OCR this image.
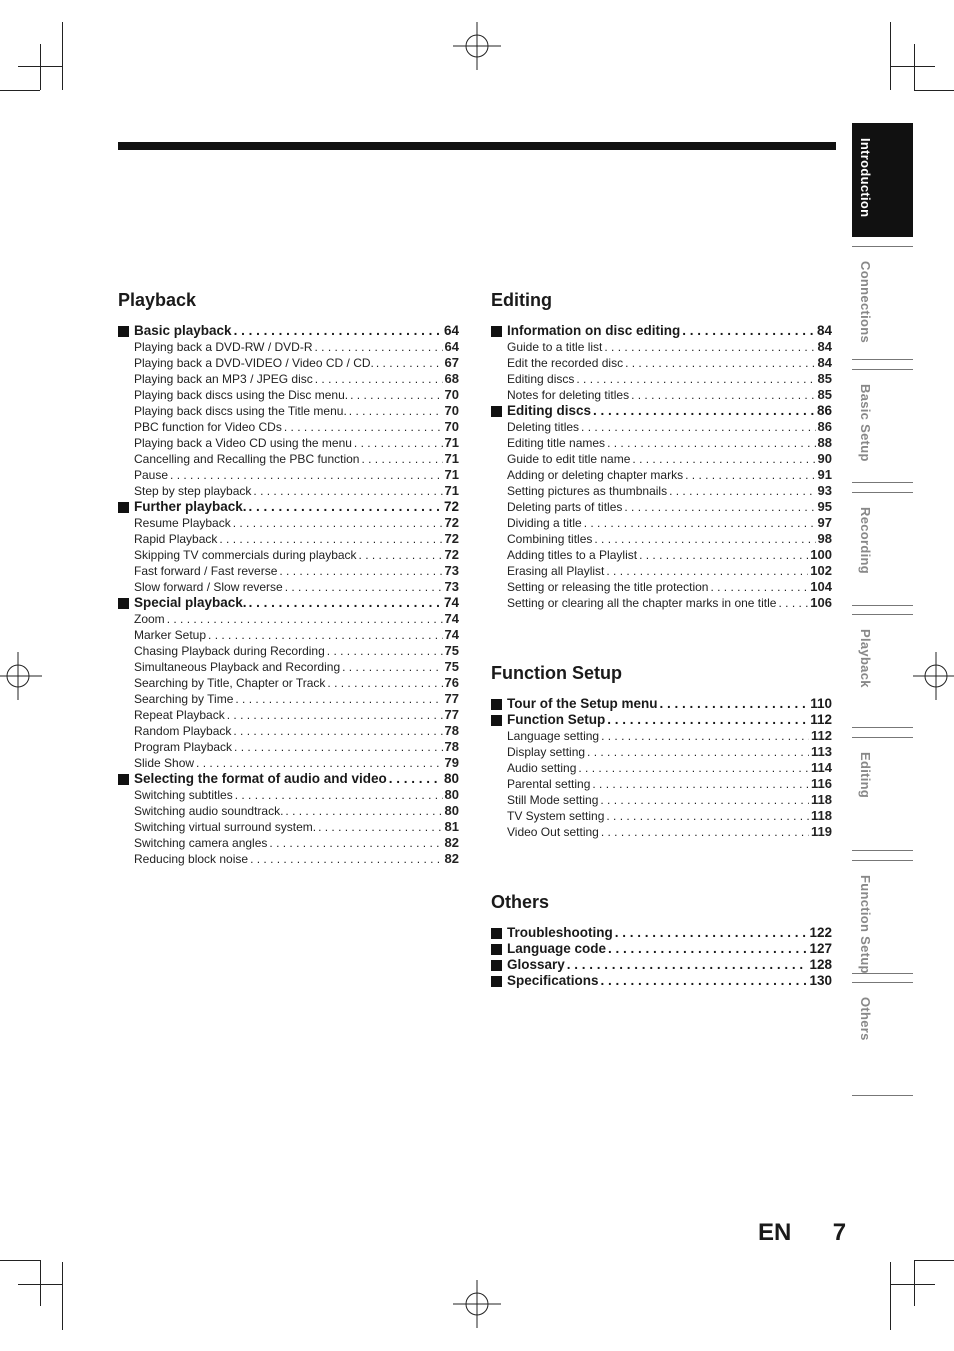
Introduction
Connections
Basic Setup
Recording
Playback
Editing
Function Setup
Others
Playback
Basic playback . . .	64
Playing back a DVD-RW / DVD-R . . .	64
Playing back a DVD-VIDEO / Video CD / CD. . . .	67
Playing back an MP3 / JPEG disc . . .	68
Playing back discs using the Disc menu. . . .	70
Playing back discs using the Title menu. . . .	70
PBC function for Video CDs . . .	70
Playing back a Video CD using the menu . . .	71
Cancelling and Recalling the PBC function . . .	71
Pause . . .	71
Step by step playback . . .	71
Further playback. . . .	72
Resume Playback . . .	72
Rapid Playback . . .	72
Skipping TV commercials during playback . . .	72
Fast forward / Fast reverse . . .	73
Slow forward / Slow reverse . . .	73
Special playback. . . .	74
Zoom . . .	74
Marker Setup . . .	74
Chasing Playback during Recording . . .	75
Simultaneous Playback and Recording . . .	75
Searching by Title, Chapter or Track . . .	76
Searching by Time . . .	77
Repeat Playback . . .	77
Random Playback . . .	78
Program Playback . . .	78
Slide Show . . .	79
Selecting the format of audio and video . . .	80
Switching subtitles . . .	80
Switching audio soundtrack. . . .	80
Switching virtual surround system. . . .	81
Switching camera angles . . .	82
Reducing block noise . . .	82
Editing
Information on disc editing . . .	84
Guide to a title list . . .	84
Edit the recorded disc . . .	84
Editing discs . . .	85
Notes for deleting titles . . .	85
Editing discs . . .	86
Deleting titles . . .	86
Editing title names . . .	88
Guide to edit title name . . .	90
Adding or deleting chapter marks . . .	91
Setting pictures as thumbnails . . .	93
Deleting parts of titles . . .	95
Dividing a title . . .	97
Combining titles . . .	98
Adding titles to a Playlist . . .	100
Erasing all Playlist . . .	102
Setting or releasing the title protection . . .	104
Setting or clearing all the chapter marks in one title . . .	106
Function Setup
Tour of the Setup menu . . .	110
Function Setup . . .	112
Language setting . . .	112
Display setting . . .	113
Audio setting . . .	114
Parental setting . . .	116
Still Mode setting . . .	118
TV System setting . . .	118
Video Out setting . . .	119
Others
Troubleshooting . . .	122
Language code . . .	127
Glossary . . .	128
Specifications . . .	130
EN 7
